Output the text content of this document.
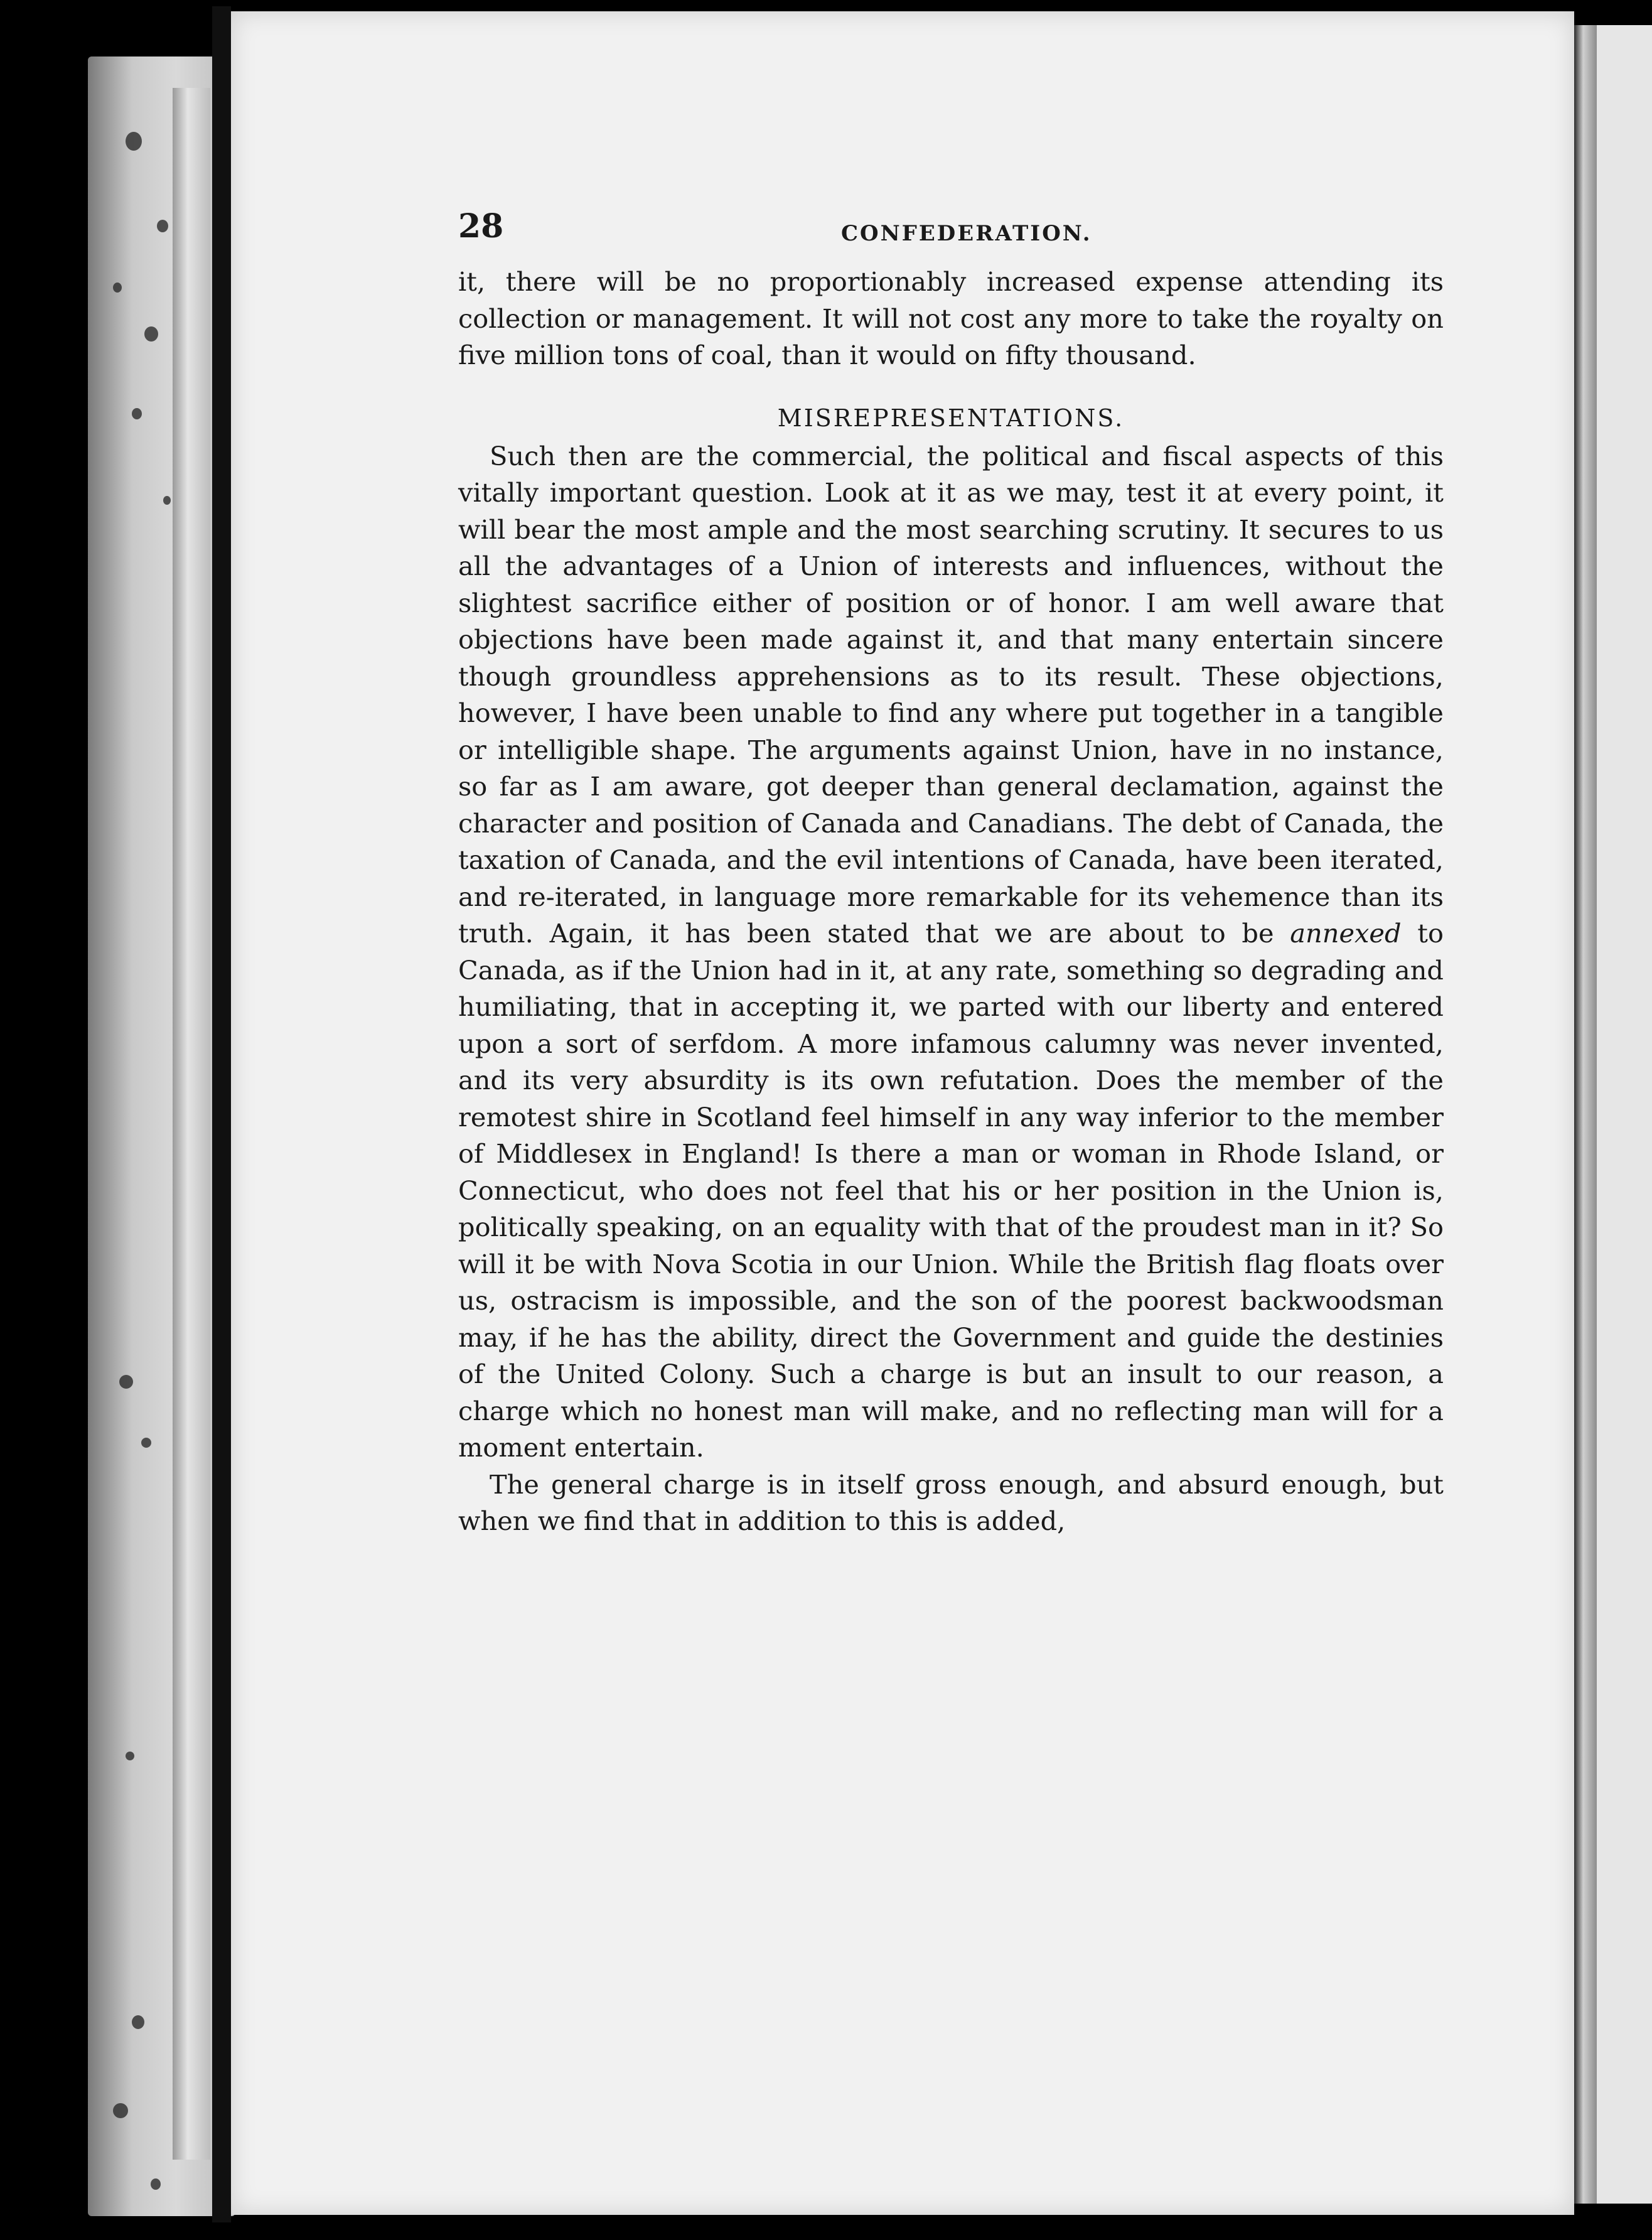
28	CONFEDERATION.

it, there will be no proportionably increased expense attending its collection or management. It will not cost any more to take the royalty on five million tons of coal, than it would on fifty thousand.

MISREPRESENTATIONS.

Such then are the commercial, the political and fiscal aspects of this vitally important question. Look at it as we may, test it at every point, it will bear the most ample and the most searching scrutiny. It secures to us all the advantages of a Union of interests and influences, without the slightest sacrifice either of position or of honor. I am well aware that objections have been made against it, and that many entertain sincere though groundless apprehensions as to its result. These objections, however, I have been unable to find any where put together in a tangible or intelligible shape. The arguments against Union, have in no instance, so far as I am aware, got deeper than general declamation, against the character and position of Canada and Canadians. The debt of Canada, the taxation of Canada, and the evil intentions of Canada, have been iterated, and re-iterated, in language more remarkable for its vehemence than its truth. Again, it has been stated that we are about to be annexed to Canada, as if the Union had in it, at any rate, something so degrading and humiliating, that in accepting it, we parted with our liberty and entered upon a sort of serfdom. A more infamous calumny was never invented, and its very absurdity is its own refutation. Does the member of the remotest shire in Scotland feel himself in any way inferior to the member of Middlesex in England! Is there a man or woman in Rhode Island, or Connecticut, who does not feel that his or her position in the Union is, politically speaking, on an equality with that of the proudest man in it? So will it be with Nova Scotia in our Union. While the British flag floats over us, ostracism is impossible, and the son of the poorest backwoodsman may, if he has the ability, direct the Government and guide the destinies of the United Colony. Such a charge is but an insult to our reason, a charge which no honest man will make, and no reflecting man will for a moment entertain.

The general charge is in itself gross enough, and absurd enough, but when we find that in addition to this is added,
